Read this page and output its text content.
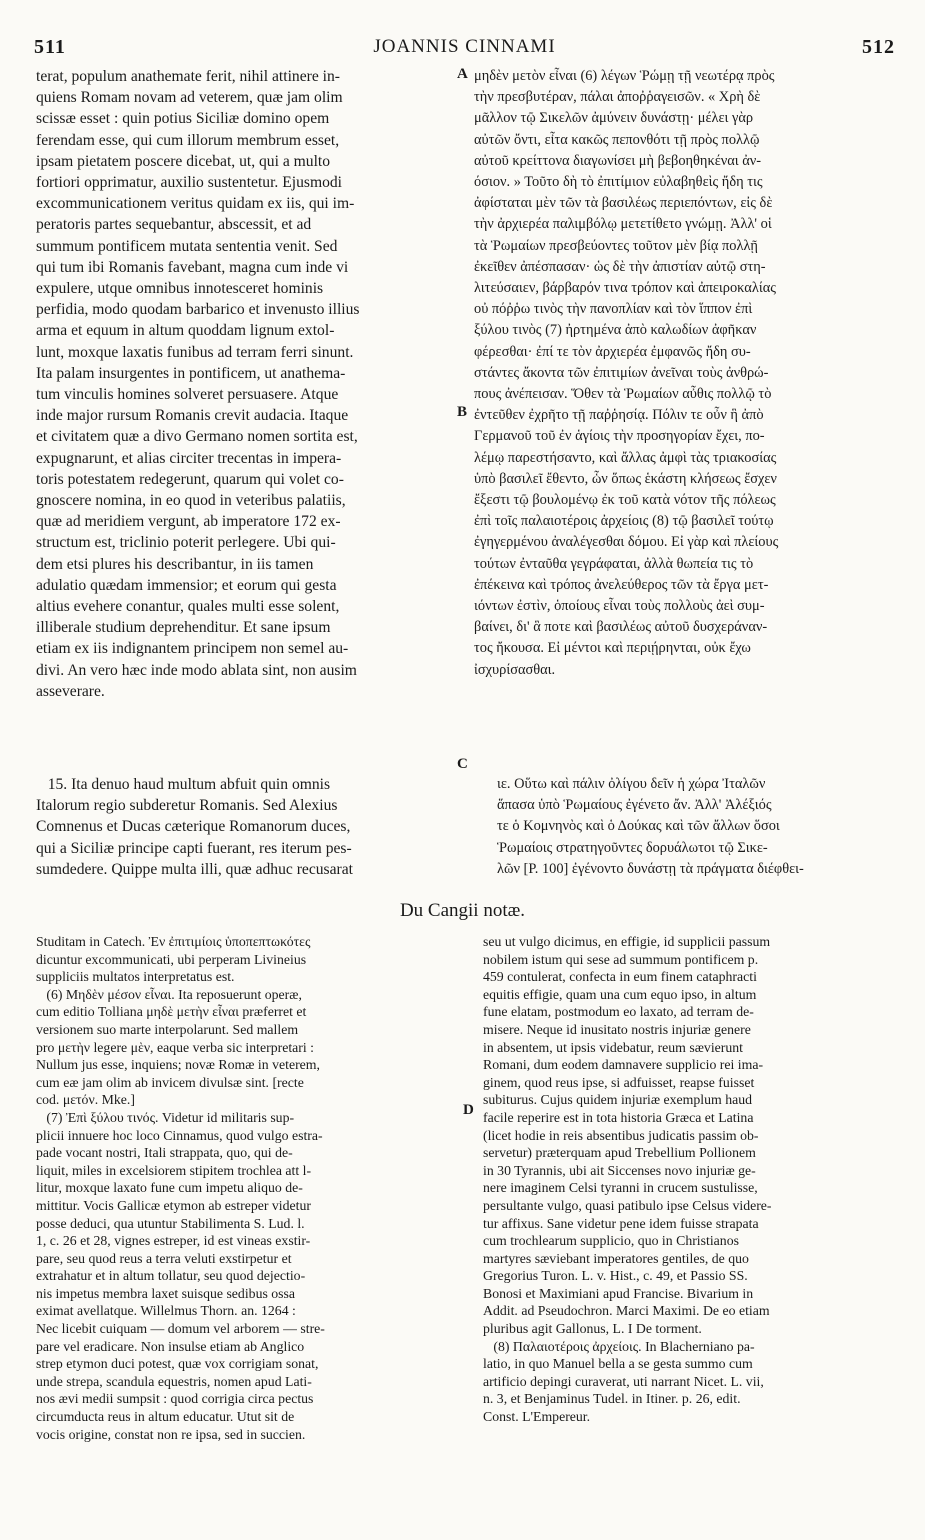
511	JOANNIS CINNAMI	512
terat, populum anathemate ferit, nihil attinere in-
quiens Romam novam ad veterem, quæ jam olim
scissæ esset : quin potius Siciliæ domino opem
ferendam esse, qui cum illorum membrum esset,
ipsam pietatem poscere dicebat, ut, qui a multo
fortiori opprimatur, auxilio sustentetur. Ejusmodi
excommunicationem veritus quidam ex iis, qui im-
peratoris partes sequebantur, abscessit, et ad
summum pontificem mutata sententia venit. Sed
qui tum ibi Romanis favebant, magna cum inde vi
expulere, utque omnibus innotesceret hominis
perfidia, modo quodam barbarico et invenusto illius
arma et equum in altum quoddam lignum extol-
lunt, moxque laxatis funibus ad terram ferri sinunt.
Ita palam insurgentes in pontificem, ut anathema-
tum vinculis homines solveret persuasere. Atque
inde major rursum Romanis crevit audacia. Itaque
et civitatem quæ a divo Germano nomen sortita est,
expugnarunt, et alias circiter trecentas in impera-
toris potestatem redegerunt, quarum qui volet co-
gnoscere nomina, in eo quod in veteribus palatiis,
quæ ad meridiem vergunt, ab imperatore 172 ex-
structum est, triclinio poterit perlegere. Ubi qui-
dem etsi plures his describantur, in iis tamen
adulatio quædam immensior; et eorum qui gesta
altius evehere conantur, quales multi esse solent,
illiberale studium deprehenditur. Et sane ipsum
etiam ex iis indignantem principem non semel au-
divi. An vero hæc inde modo ablata sint, non ausim
asseverare.
15. Ita denuo haud multum abfuit quin omnis
Italorum regio subderetur Romanis. Sed Alexius
Comnenus et Ducas cæterique Romanorum duces,
qui a Siciliæ principe capti fuerant, res iterum pes-
sumdedere. Quippe multa illi, quæ adhuc recusarat
A
B
C
D
μηδὲν μετὸν εἶναι (6) λέγων Ῥώμῃ τῇ νεωτέρᾳ πρὸς
τὴν πρεσβυτέραν, πάλαι ἀποῤῥαγεισῶν. « Χρὴ δὲ
μᾶλλον τῷ Σικελῶν ἀμύνειν δυνάστῃ· μέλει γὰρ
αὐτῶν ὄντι, εἶτα κακῶς πεπονθότι τῇ πρὸς πολλῷ
αὐτοῦ κρείττονα διαγωνίσει μὴ βεβοηθηκέναι ἀν-
όσιον. » Τοῦτο δὴ τὸ ἐπιτίμιον εὐλαβηθεὶς ἤδη τις
ἀφίσταται μὲν τῶν τὰ βασιλέως περιεπόντων, εἰς δὲ
τὴν ἀρχιερέα παλιμβόλῳ μετετίθετο γνώμῃ. Ἀλλ' οἱ
τὰ Ῥωμαίων πρεσβεύοντες τοῦτον μὲν βίᾳ πολλῇ
ἐκεῖθεν ἀπέσπασαν· ὡς δὲ τὴν ἀπιστίαν αὐτῷ στη-
λιτεύσαιεν, βάρβαρόν τινα τρόπον καὶ ἀπειροκαλίας
οὐ πόῤῥω τινὸς τὴν πανοπλίαν καὶ τὸν ἵππον ἐπὶ
ξύλου τινὸς (7) ἠρτημένα ἀπὸ καλωδίων ἀφῆκαν
φέρεσθαι· ἐπί τε τὸν ἀρχιερέα ἐμφανῶς ἤδη συ-
στάντες ἄκοντα τῶν ἐπιτιμίων ἀνεῖναι τοὺς ἀνθρώ-
πους ἀνέπεισαν. Ὅθεν τὰ Ῥωμαίων αὖθις πολλῷ τὸ
ἐντεῦθεν ἐχρῆτο τῇ παῤῥησίᾳ. Πόλιν τε οὖν ἣ ἀπὸ
Γερμανοῦ τοῦ ἐν ἁγίοις τὴν προσηγορίαν ἔχει, πο-
λέμῳ παρεστήσαντο, καὶ ἄλλας ἀμφὶ τὰς τριακοσίας
ὑπὸ βασιλεῖ ἔθεντο, ὧν ὅπως ἑκάστη κλήσεως ἔσχεν
ἔξεστι τῷ βουλομένῳ ἐκ τοῦ κατὰ νότον τῆς πόλεως
ἐπὶ τοῖς παλαιοτέροις ἀρχείοις (8) τῷ βασιλεῖ τούτῳ
ἐγηγερμένου ἀναλέγεσθαι δόμου. Εἰ γὰρ καὶ πλείους
τούτων ἐνταῦθα γεγράφαται, ἀλλὰ θωπεία τις τὸ
ἐπέκεινα καὶ τρόπος ἀνελεύθερος τῶν τὰ ἔργα μετ-
ιόντων ἐστὶν, ὁποίους εἶναι τοὺς πολλοὺς ἀεὶ συμ-
βαίνει, δι' ἃ ποτε καὶ βασιλέως αὐτοῦ δυσχεράναν-
τος ἤκουσα. Εἰ μέντοι καὶ περιῄρηνται, οὐκ ἔχω
ἰσχυρίσασθαι.
ιε. Οὕτω καὶ πάλιν ὀλίγου δεῖν ἡ χώρα Ἰταλῶν
ἅπασα ὑπὸ Ῥωμαίους ἐγένετο ἄν. Ἀλλ' Ἀλέξιός
τε ὁ Κομνηνὸς καὶ ὁ Δούκας καὶ τῶν ἄλλων ὅσοι
Ῥωμαίοις στρατηγοῦντες δορυάλωτοι τῷ Σικε-
λῶν [P. 100] ἐγένοντο δυνάστῃ τὰ πράγματα διέφθει-
Du Cangii notæ.
Studitam in Catech. Ἐν ἐπιτιμίοις ὑποπεπτωκότες
dicuntur excommunicati, ubi perperam Livineius
suppliciis multatos interpretatus est.
(6) Μηδὲν μέσον εἶναι. Ita reposuerunt operæ,
cum editio Tolliana μηδὲ μετὴν εἶναι præferret et
versionem suo marte interpolarunt. Sed mallem
pro μετὴν legere μὲν, eaque verba sic interpretari :
Nullum jus esse, inquiens; novæ Romæ in veterem,
cum eæ jam olim ab invicem divulsæ sint. [recte
cod. μετόν. Mke.]
(7) Ἐπὶ ξύλου τινός. Videtur id militaris sup-
plicii innuere hoc loco Cinnamus, quod vulgo estra-
pade vocant nostri, Itali strappata, quo, qui de-
liquit, miles in excelsiorem stipitem trochlea att l-
litur, moxque laxato fune cum impetu aliquo de-
mittitur. Vocis Gallicæ etymon ab estreper videtur
posse deduci, qua utuntur Stabilimenta S. Lud. l.
1, c. 26 et 28, vignes estreper, id est vineas exstir-
pare, seu quod reus a terra veluti exstirpetur et
extrahatur et in altum tollatur, seu quod dejectio-
nis impetus membra laxet suisque sedibus ossa
eximat avellatque. Willelmus Thorn. an. 1264 :
Nec licebit cuiquam — domum vel arborem — stre-
pare vel eradicare. Non insulse etiam ab Anglico
strep etymon duci potest, quæ vox corrigiam sonat,
unde strepa, scandula equestris, nomen apud Lati-
nos ævi medii sumpsit : quod corrigia circa pectus
circumducta reus in altum educatur. Utut sit de
vocis origine, constat non re ipsa, sed in succien.
seu ut vulgo dicimus, en effigie, id supplicii passum
nobilem istum qui sese ad summum pontificem p.
459 contulerat, confecta in eum finem cataphracti
equitis effigie, quam una cum equo ipso, in altum
fune elatam, postmodum eo laxato, ad terram de-
misere. Neque id inusitato nostris injuriæ genere
in absentem, ut ipsis videbatur, reum sævierunt
Romani, dum eodem damnavere supplicio rei ima-
ginem, quod reus ipse, si adfuisset, reapse fuisset
subiturus. Cujus quidem injuriæ exemplum haud
facile reperire est in tota historia Græca et Latina
(licet hodie in reis absentibus judicatis passim ob-
servetur) præterquam apud Trebellium Pollionem
in 30 Tyrannis, ubi ait Siccenses novo injuriæ ge-
nere imaginem Celsi tyranni in crucem sustulisse,
persultante vulgo, quasi patibulo ipse Celsus videre-
tur affixus. Sane videtur pene idem fuisse strapata
cum trochlearum supplicio, quo in Christianos
martyres sæviebant imperatores gentiles, de quo
Gregorius Turon. L. v. Hist., c. 49, et Passio SS.
Bonosi et Maximiani apud Francise. Bivarium in
Addit. ad Pseudochron. Marci Maximi. De eo etiam
pluribus agit Gallonus, L. I De torment.
(8) Παλαιοτέροις ἀρχείοις. In Blacherniano pa-
latio, in quo Manuel bella a se gesta summo cum
artificio depingi curaverat, uti narrant Nicet. L. vii,
n. 3, et Benjaminus Tudel. in Itiner. p. 26, edit.
Const. L'Empereur.
